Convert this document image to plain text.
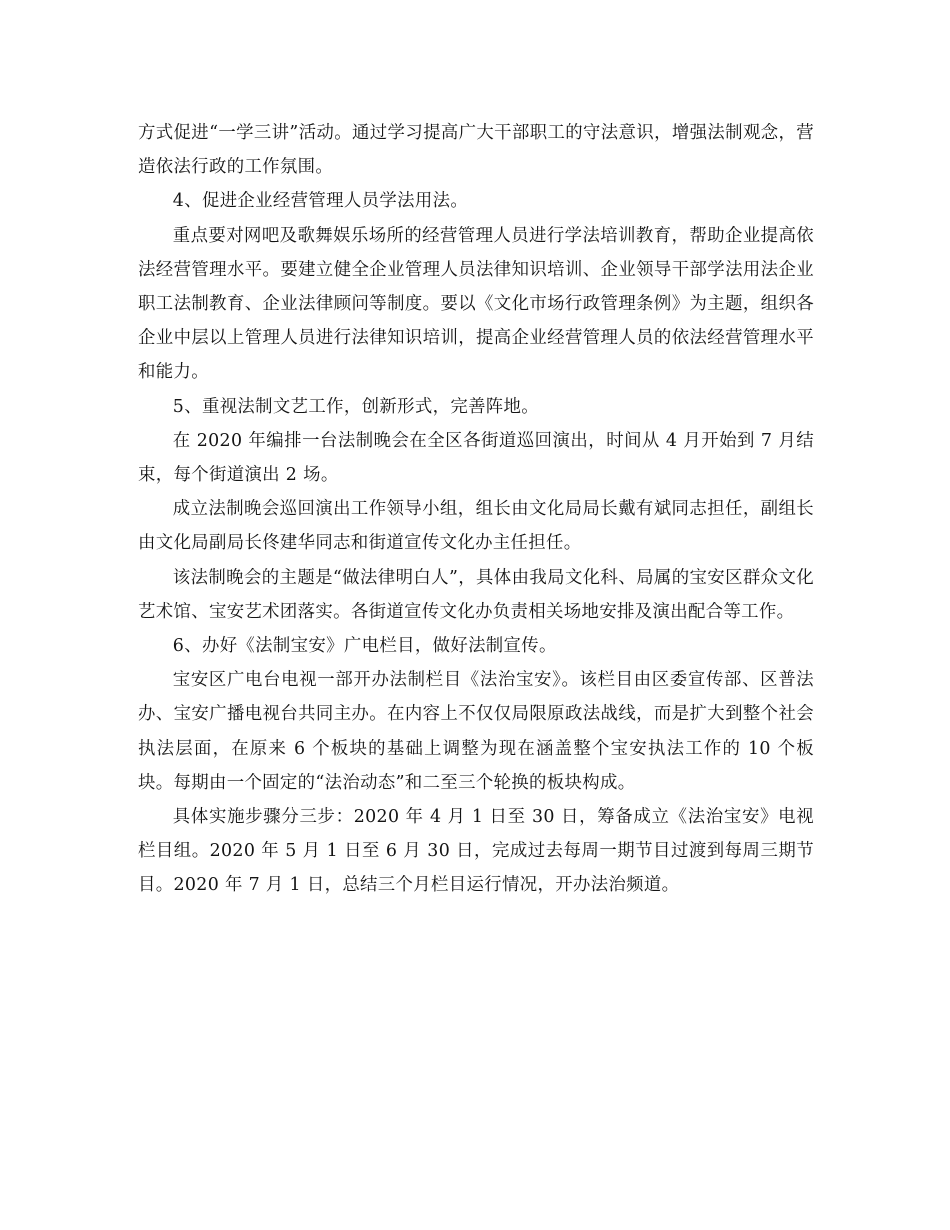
方式促进“一学三讲”活动。通过学习提高广大干部职工的守法意识，增强法制观念，营造依法行政的工作氛围。

4、促进企业经营管理人员学法用法。

重点要对网吧及歌舞娱乐场所的经营管理人员进行学法培训教育，帮助企业提高依法经营管理水平。要建立健全企业管理人员法律知识培训、企业领导干部学法用法企业职工法制教育、企业法律顾问等制度。要以《文化市场行政管理条例》为主题，组织各企业中层以上管理人员进行法律知识培训，提高企业经营管理人员的依法经营管理水平和能力。

5、重视法制文艺工作，创新形式，完善阵地。

在 2020 年编排一台法制晚会在全区各街道巡回演出，时间从 4 月开始到 7 月结束，每个街道演出 2 场。

成立法制晚会巡回演出工作领导小组，组长由文化局局长戴有斌同志担任，副组长由文化局副局长佟建华同志和街道宣传文化办主任担任。

该法制晚会的主题是“做法律明白人”，具体由我局文化科、局属的宝安区群众文化艺术馆、宝安艺术团落实。各街道宣传文化办负责相关场地安排及演出配合等工作。

6、办好《法制宝安》广电栏目，做好法制宣传。

宝安区广电台电视一部开办法制栏目《法治宝安》。该栏目由区委宣传部、区普法办、宝安广播电视台共同主办。在内容上不仅仅局限原政法战线，而是扩大到整个社会执法层面，在原来 6 个板块的基础上调整为现在涵盖整个宝安执法工作的 10 个板块。每期由一个固定的“法治动态”和二至三个轮换的板块构成。

具体实施步骤分三步：2020 年 4 月 1 日至 30 日，筹备成立《法治宝安》电视栏目组。2020 年 5 月 1 日至 6 月 30 日，完成过去每周一期节目过渡到每周三期节目。2020 年 7 月 1 日，总结三个月栏目运行情况，开办法治频道。
